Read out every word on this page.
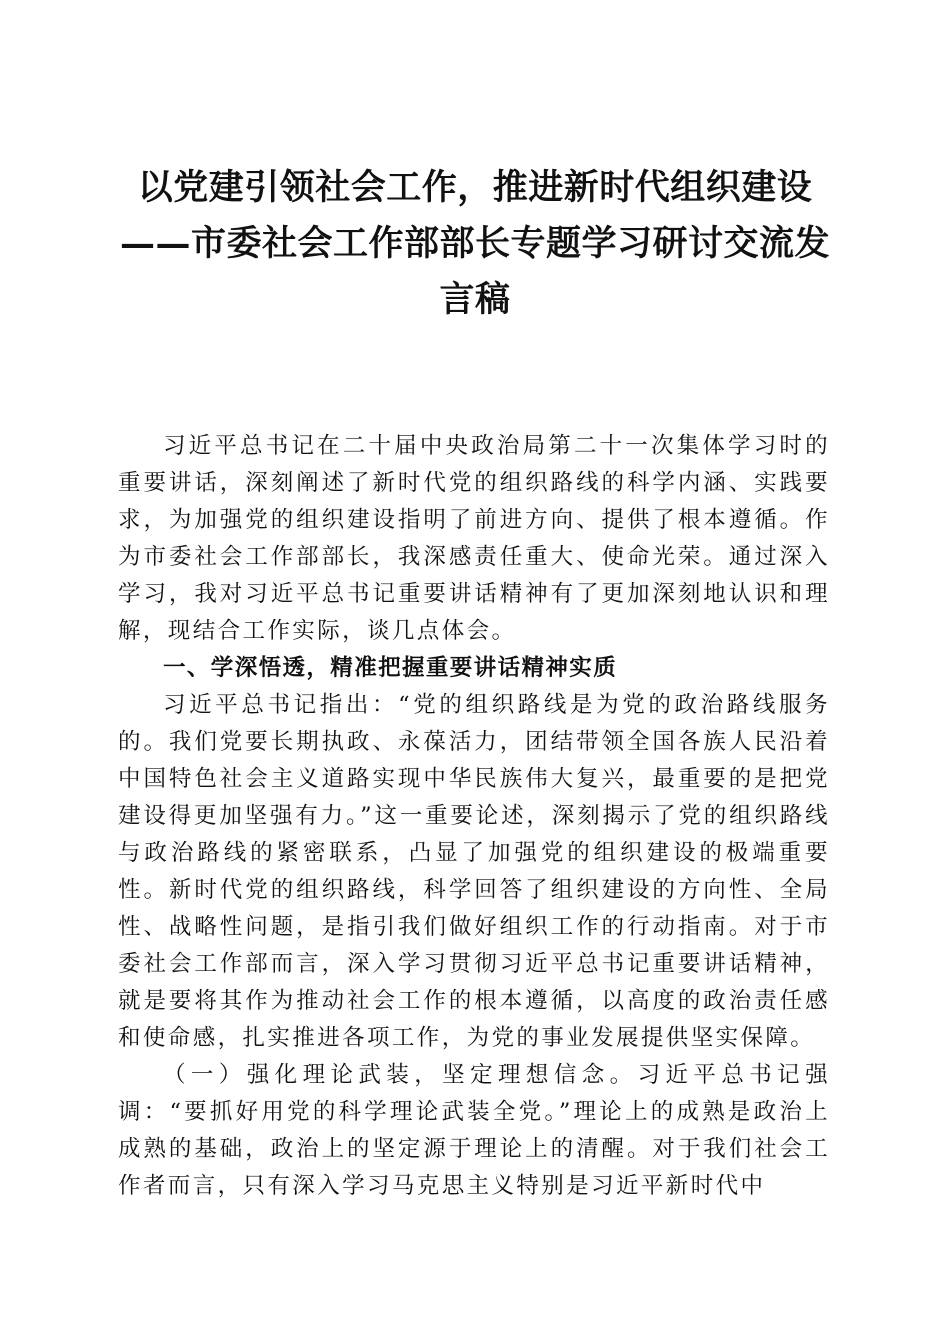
以党建引领社会工作，推进新时代组织建设——市委社会工作部部长专题学习研讨交流发言稿

习近平总书记在二十届中央政治局第二十一次集体学习时的重要讲话，深刻阐述了新时代党的组织路线的科学内涵、实践要求，为加强党的组织建设指明了前进方向、提供了根本遵循。作为市委社会工作部部长，我深感责任重大、使命光荣。通过深入学习，我对习近平总书记重要讲话精神有了更加深刻地认识和理解，现结合工作实际，谈几点体会。

一、学深悟透，精准把握重要讲话精神实质

习近平总书记指出：“党的组织路线是为党的政治路线服务的。我们党要长期执政、永葆活力，团结带领全国各族人民沿着中国特色社会主义道路实现中华民族伟大复兴，最重要的是把党建设得更加坚强有力。”这一重要论述，深刻揭示了党的组织路线与政治路线的紧密联系，凸显了加强党的组织建设的极端重要性。新时代党的组织路线，科学回答了组织建设的方向性、全局性、战略性问题，是指引我们做好组织工作的行动指南。对于市委社会工作部而言，深入学习贯彻习近平总书记重要讲话精神，就是要将其作为推动社会工作的根本遵循，以高度的政治责任感和使命感，扎实推进各项工作，为党的事业发展提供坚实保障。

（一）强化理论武装，坚定理想信念。习近平总书记强调：“要抓好用党的科学理论武装全党。”理论上的成熟是政治上成熟的基础，政治上的坚定源于理论上的清醒。对于我们社会工作者而言，只有深入学习马克思主义特别是习近平新时代中
